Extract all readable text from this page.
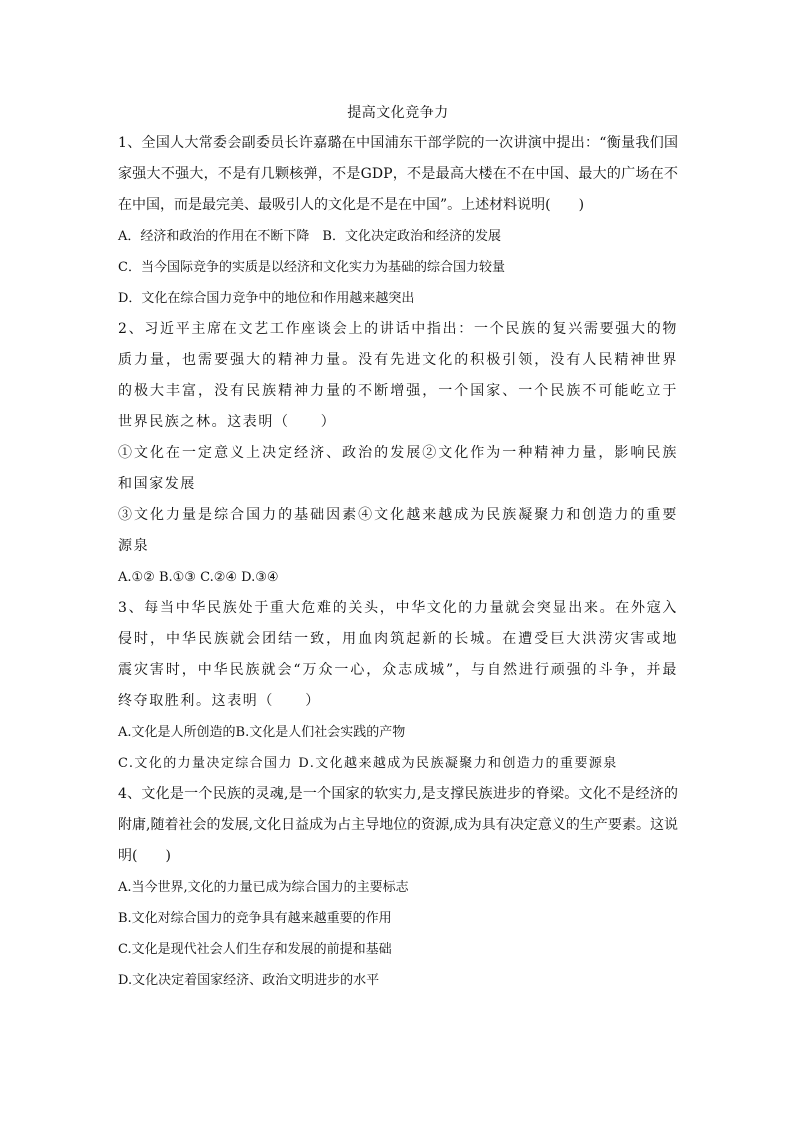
提高文化竞争力

1、全国人大常委会副委员长许嘉璐在中国浦东干部学院的一次讲演中提出：“衡量我们国家强大不强大，不是有几颗核弹，不是GDP，不是最高大楼在不在中国、最大的广场在不在中国，而是最完美、最吸引人的文化是不是在中国”。上述材料说明(　　)

A．经济和政治的作用在不断下降　B．文化决定政治和经济的发展

C．当今国际竞争的实质是以经济和文化实力为基础的综合国力较量

D．文化在综合国力竞争中的地位和作用越来越突出

2、习近平主席在文艺工作座谈会上的讲话中指出：一个民族的复兴需要强大的物质力量，也需要强大的精神力量。没有先进文化的积极引领，没有人民精神世界的极大丰富，没有民族精神力量的不断增强，一个国家、一个民族不可能屹立于世界民族之林。这表明（　　）

①文化在一定意义上决定经济、政治的发展②文化作为一种精神力量，影响民族和国家发展

③文化力量是综合国力的基础因素④文化越来越成为民族凝聚力和创造力的重要源泉

A.①② B.①③ C.②④ D.③④

3、每当中华民族处于重大危难的关头，中华文化的力量就会突显出来。在外寇入侵时，中华民族就会团结一致，用血肉筑起新的长城。在遭受巨大洪涝灾害或地震灾害时，中华民族就会“万众一心，众志成城”，与自然进行顽强的斗争，并最终夺取胜利。这表明（　　）

A.文化是人所创造的B.文化是人们社会实践的产物

C.文化的力量决定综合国力 D.文化越来越成为民族凝聚力和创造力的重要源泉

4、文化是一个民族的灵魂,是一个国家的软实力,是支撑民族进步的脊梁。文化不是经济的附庸,随着社会的发展,文化日益成为占主导地位的资源,成为具有决定意义的生产要素。这说明(　　)

A.当今世界,文化的力量已成为综合国力的主要标志

B.文化对综合国力的竞争具有越来越重要的作用

C.文化是现代社会人们生存和发展的前提和基础

D.文化决定着国家经济、政治文明进步的水平
